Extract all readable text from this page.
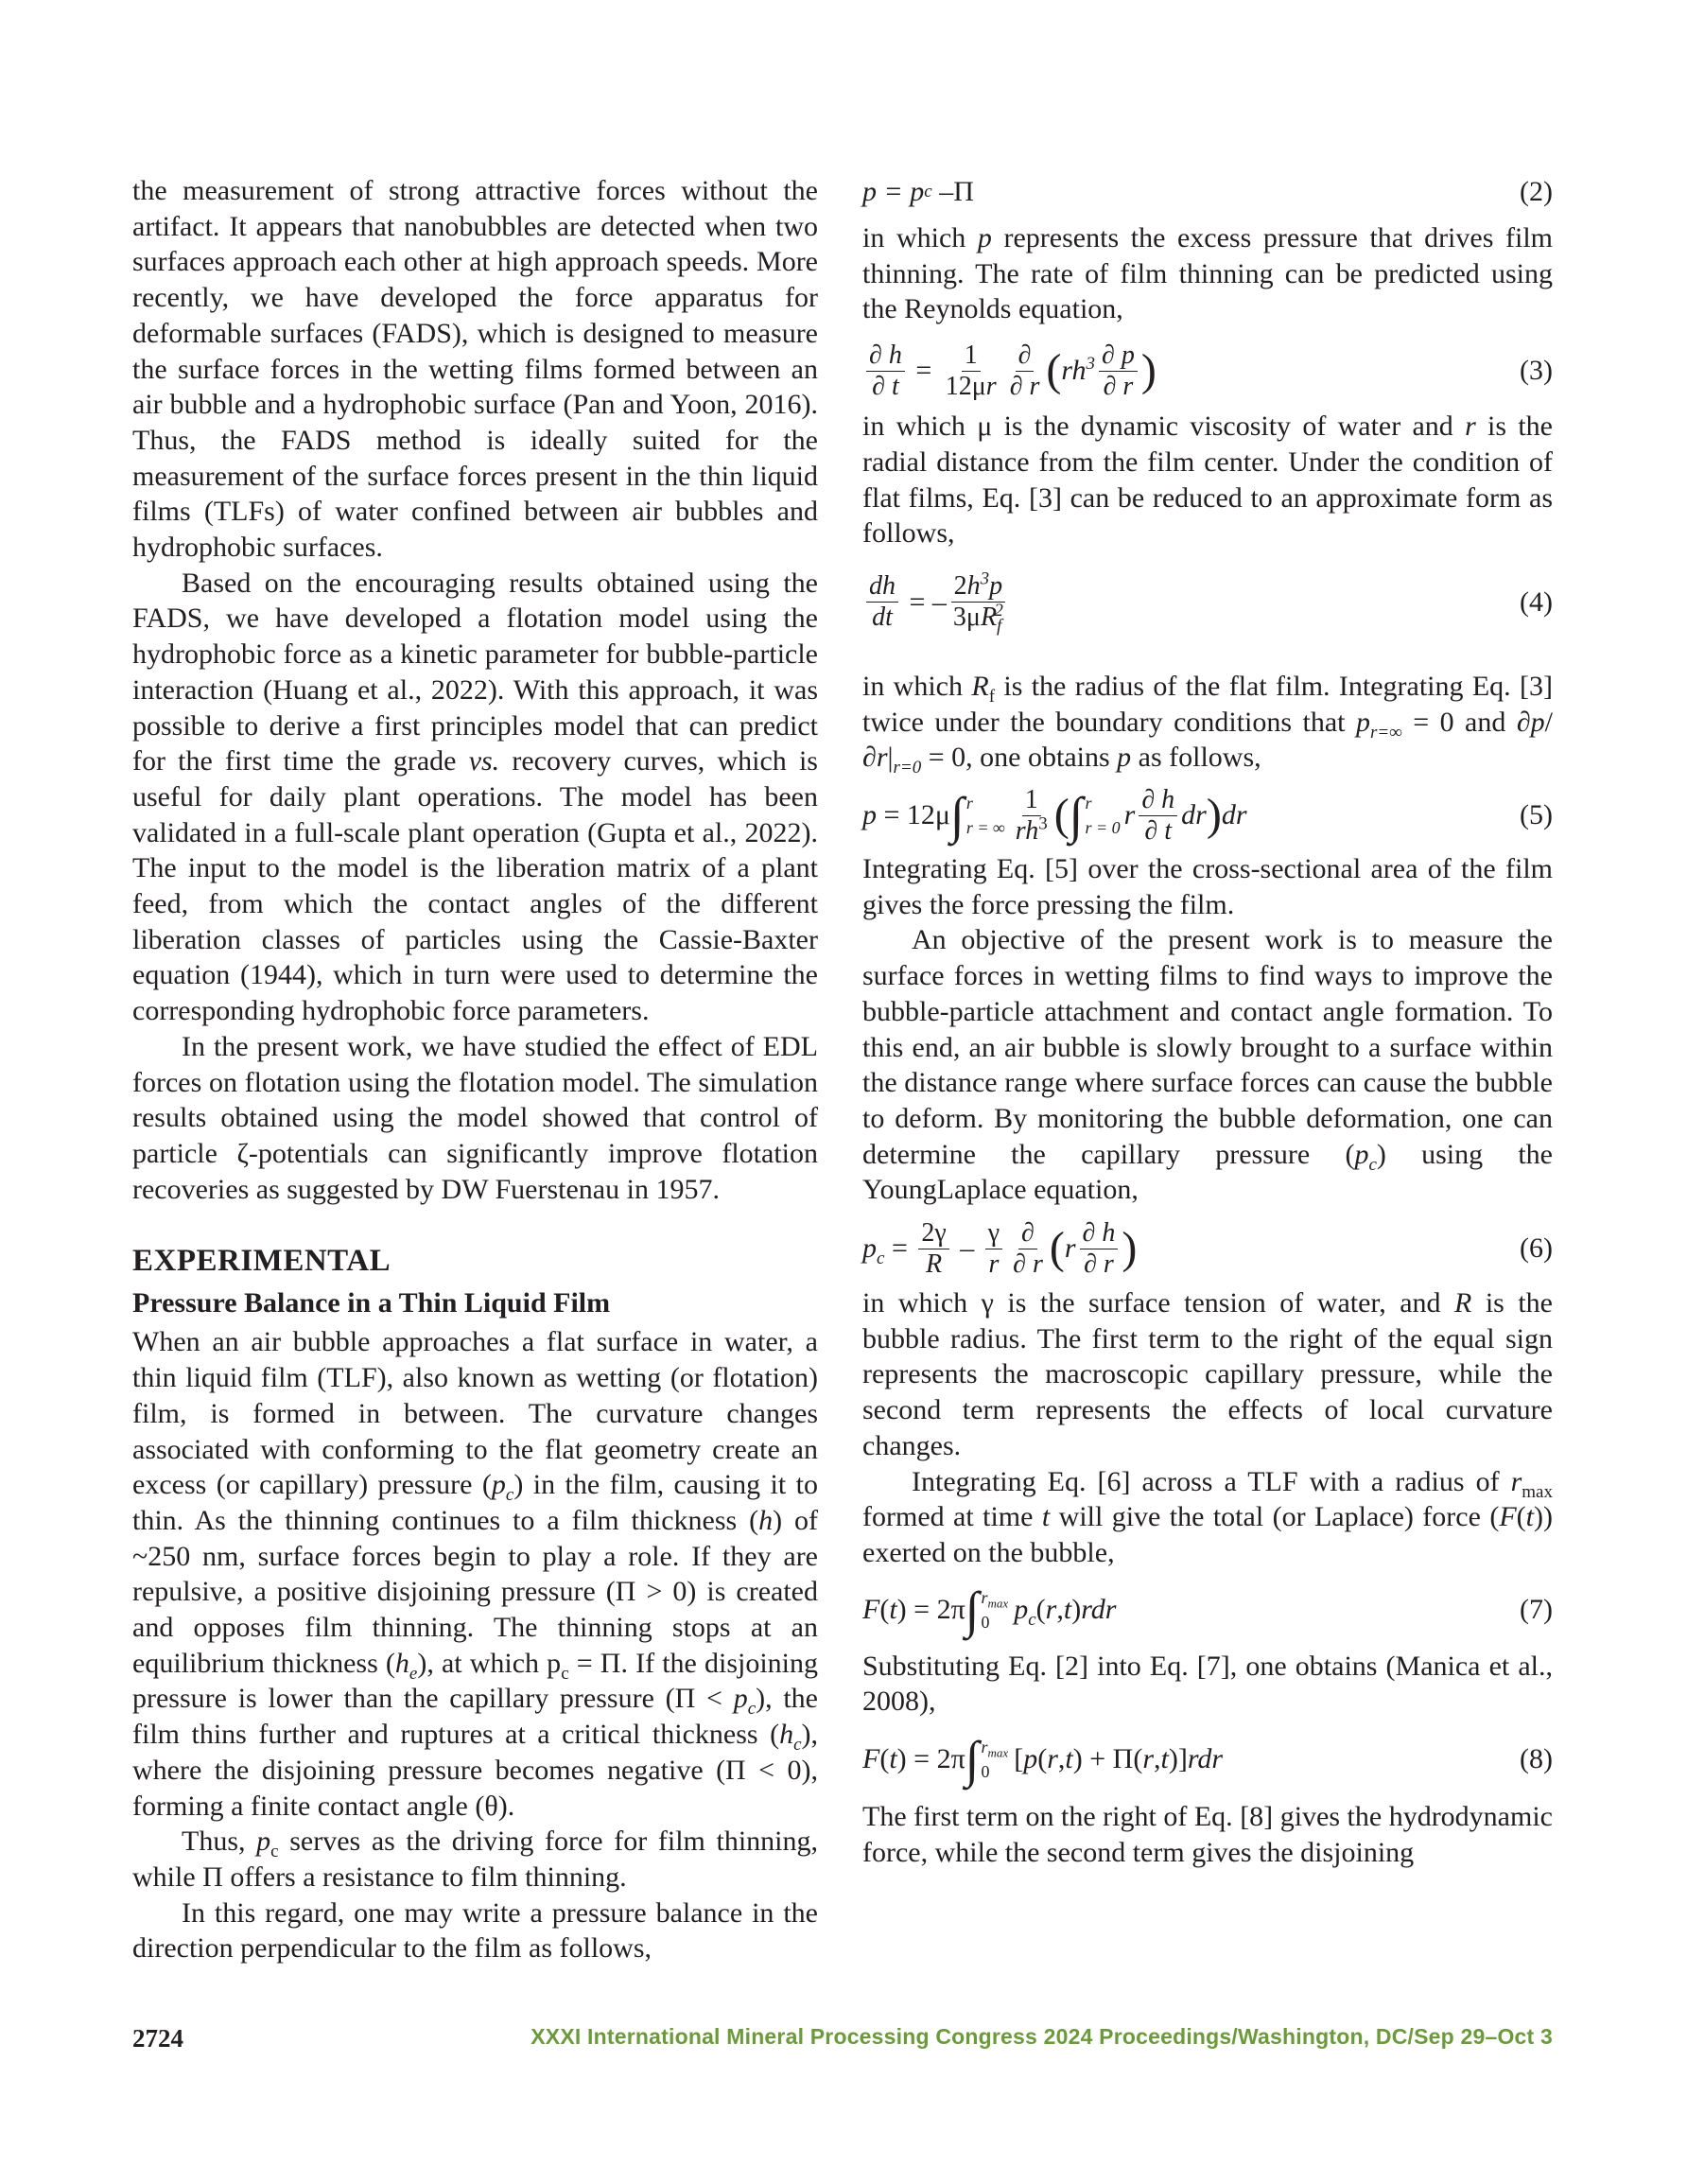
the measurement of strong attractive forces without the artifact. It appears that nanobubbles are detected when two surfaces approach each other at high approach speeds. More recently, we have developed the force apparatus for deformable surfaces (FADS), which is designed to measure the surface forces in the wetting films formed between an air bubble and a hydrophobic surface (Pan and Yoon, 2016). Thus, the FADS method is ideally suited for the measurement of the surface forces present in the thin liquid films (TLFs) of water confined between air bubbles and hydrophobic surfaces.

Based on the encouraging results obtained using the FADS, we have developed a flotation model using the hydrophobic force as a kinetic parameter for bubble-particle interaction (Huang et al., 2022). With this approach, it was possible to derive a first principles model that can predict for the first time the grade vs. recovery curves, which is useful for daily plant operations. The model has been validated in a full-scale plant operation (Gupta et al., 2022). The input to the model is the liberation matrix of a plant feed, from which the contact angles of the different liberation classes of particles using the Cassie-Baxter equation (1944), which in turn were used to determine the corresponding hydrophobic force parameters.

In the present work, we have studied the effect of EDL forces on flotation using the flotation model. The simulation results obtained using the model showed that control of particle ζ-potentials can significantly improve flotation recoveries as suggested by DW Fuerstenau in 1957.

EXPERIMENTAL
Pressure Balance in a Thin Liquid Film

When an air bubble approaches a flat surface in water, a thin liquid film (TLF), also known as wetting (or flotation) film, is formed in between. The curvature changes associated with conforming to the flat geometry create an excess (or capillary) pressure $(p_c)$ in the film, causing it to thin. As the thinning continues to a film thickness (h) of ~250 nm, surface forces begin to play a role. If they are repulsive, a positive disjoining pressure (Π > 0) is created and opposes film thinning. The thinning stops at an equilibrium thickness $(h_e)$, at which $p_c = \Pi$. If the disjoining pressure is lower than the capillary pressure $(\Pi < p_c)$, the film thins further and ruptures at a critical thickness $(h_c)$, where the disjoining pressure becomes negative (Π < 0), forming a finite contact angle (θ).

Thus, $p_c$ serves as the driving force for film thinning, while Π offers a resistance to film thinning.

In this regard, one may write a pressure balance in the direction perpendicular to the film as follows,

p = p c
–Π	(2)

in which p represents the excess pressure that drives film thinning. The rate of film thinning can be predicted using the Reynolds equation,

$\frac{\partial h}{\partial t} = \frac{1}{12\mu r} \frac{\partial}{\partial r}$ ( $rh^3 \frac{\partial p}{\partial r}$ )	(3)

in which μ is the dynamic viscosity of water and r is the radial distance from the film center. Under the condition of flat films, Eq. [3] can be reduced to an approximate form as follows,

$\frac{dh}{dt}$ = – $\frac{2h^3p}{3\mu R_f^2}$	(4)

in which $R_f$ is the radius of the flat film. Integrating Eq. [3] twice under the boundary conditions that $p_{r=\infty} = 0$ and $\partial p/\partial r|_{r=0} = 0$, one obtains p as follows,

p = 12μ ∫ r
r = ∞ $\frac{1}{rh^3}$ ( ∫ r
r = 0 r $\frac{\partial h}{\partial t}$ dr ) dr	(5)

Integrating Eq. [5] over the cross-sectional area of the film gives the force pressing the film.

An objective of the present work is to measure the surface forces in wetting films to find ways to improve the bubble-particle attachment and contact angle formation. To this end, an air bubble is slowly brought to a surface within the distance range where surface forces can cause the bubble to deform. By monitoring the bubble deformation, one can determine the capillary pressure $(p_c)$ using the YoungLaplace equation,

$p_c = \frac{2\gamma}{R} - \frac{\gamma}{r} \frac{\partial}{\partial r}$ ( r $\frac{\partial h}{\partial r}$ )	(6)

in which γ is the surface tension of water, and R is the bubble radius. The first term to the right of the equal sign represents the macroscopic capillary pressure, while the second term represents the effects of local curvature changes.

Integrating Eq. [6] across a TLF with a radius of $r_{max}$ formed at time t will give the total (or Laplace) force (F(t)) exerted on the bubble,

F ( t ) = 2π ∫ $r_{max}$
0 $p_c$ ( r , t ) rdr	(7)

Substituting Eq. [2] into Eq. [7], one obtains (Manica et al., 2008),

F ( t ) = 2π ∫ $r_{max}$
0 [ p ( r , t ) + Π( r , t )] rdr	(8)

The first term on the right of Eq. [8] gives the hydrodynamic force, while the second term gives the disjoining

2724	XXXI International Mineral Processing Congress 2024 Proceedings/Washington, DC/Sep 29–Oct 3
